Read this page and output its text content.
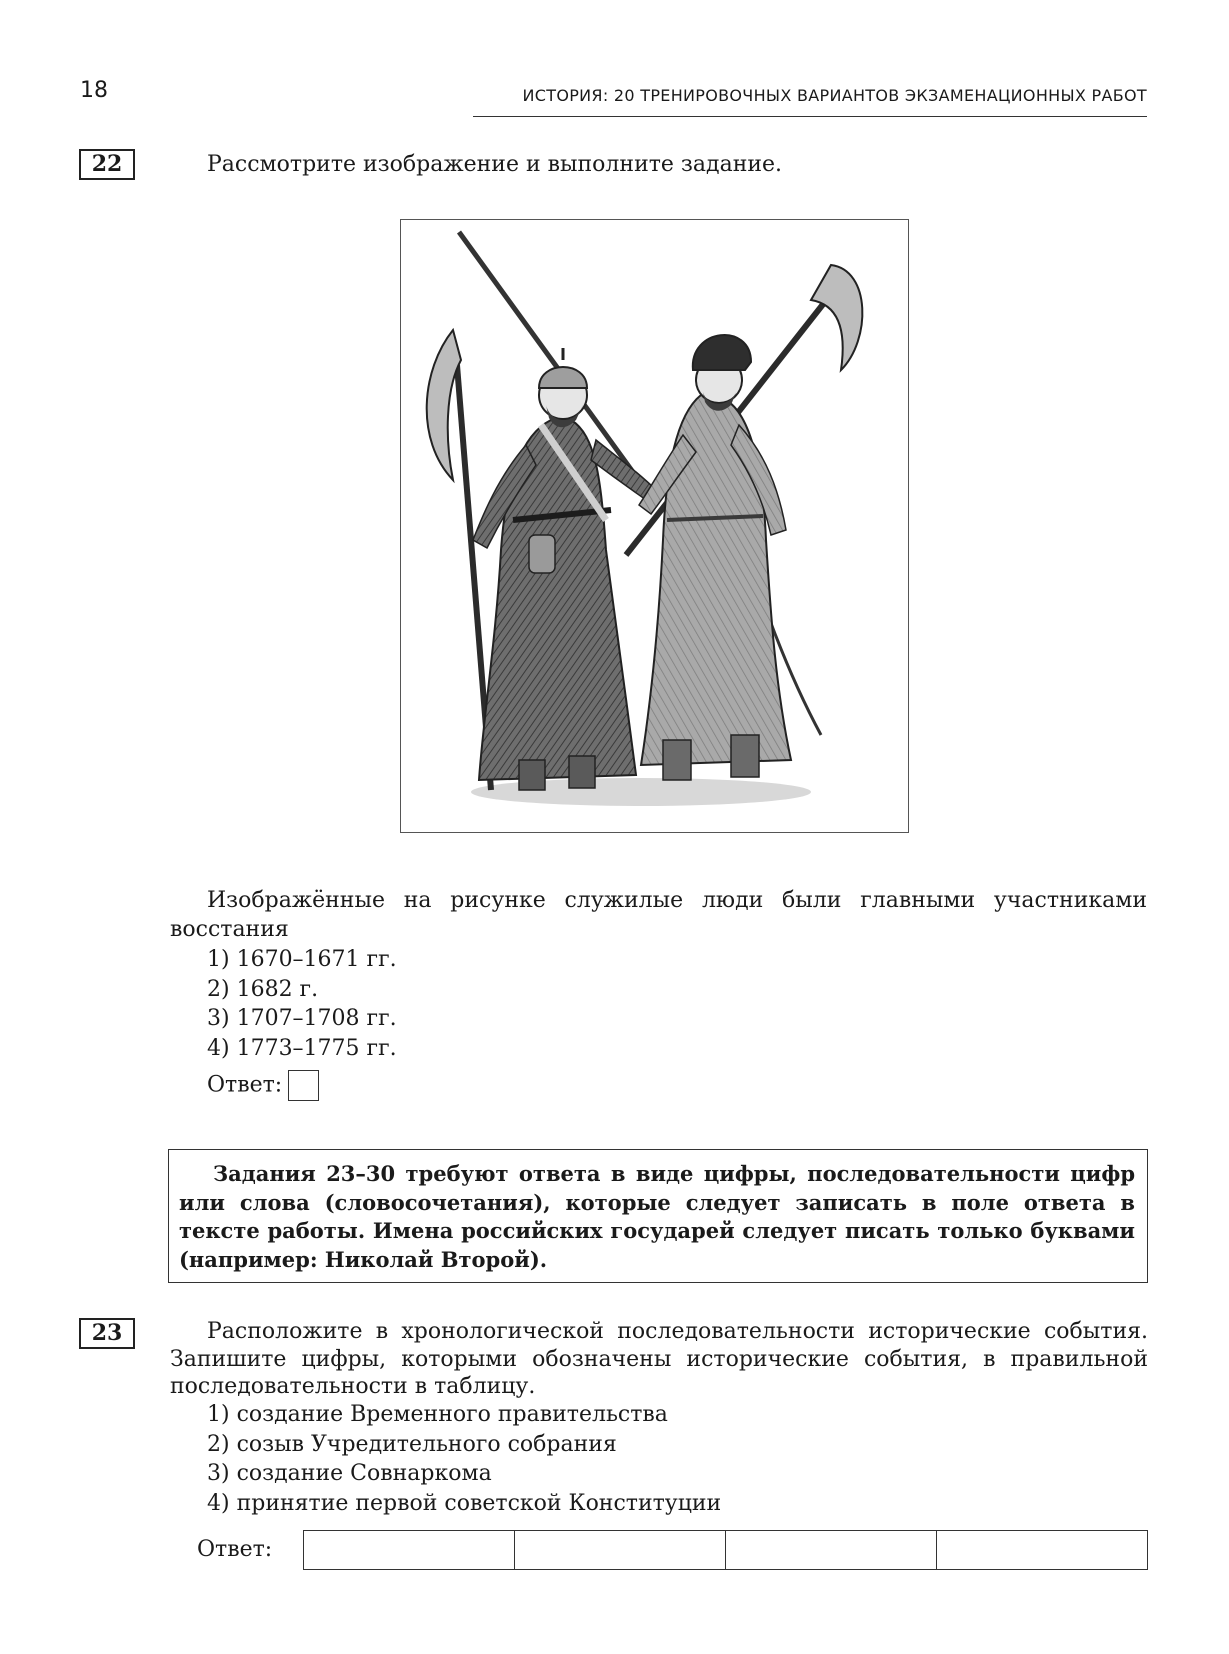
18	ИСТОРИЯ: 20 ТРЕНИРОВОЧНЫХ ВАРИАНТОВ ЭКЗАМЕНАЦИОННЫХ РАБОТ
22	Рассмотрите изображение и выполните задание.
Изображённые на рисунке служилые люди были главными участниками
восстания
1) 1670–1671 гг.
2) 1682 г.
3) 1707–1708 гг.
4) 1773–1775 гг.
Ответ:
Задания 23–30 требуют ответа в виде цифры, последовательности цифр или слова (словосочетания), которые следует записать в поле ответа в тексте работы. Имена российских государей следует писать только буквами (например: Николай Второй).
23	Расположите в хронологической последовательности исторические события. Запишите цифры, которыми обозначены исторические события, в правильной последовательности в таблицу.
1) создание Временного правительства
2) созыв Учредительного собрания
3) создание Совнаркома
4) принятие первой советской Конституции
Ответ:
